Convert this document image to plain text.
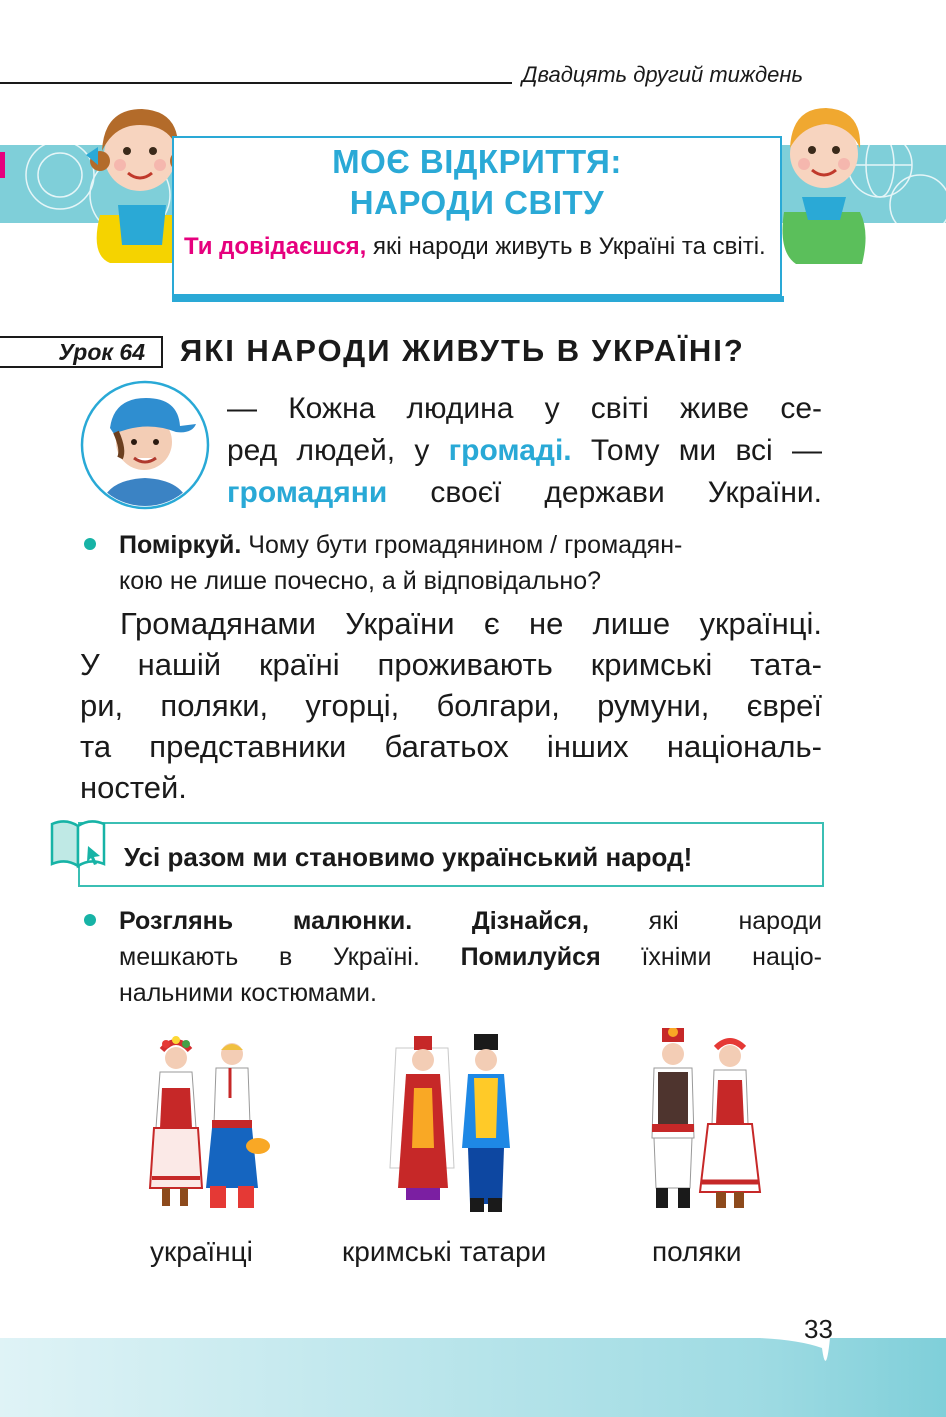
Двадцять другий тиждень
МОЄ ВІДКРИТТЯ:
НАРОДИ СВІТУ
Ти довідаєшся, які народи живуть в Україні та світі.
Урок 64	ЯКІ НАРОДИ ЖИВУТЬ В УКРАЇНІ?
— Кожна людина у світі живе се-
ред людей, у громаді. Тому ми всі —
громадяни своєї держави України.
Поміркуй. Чому бути громадянином / громадян-
кою не лише почесно, а й відповідально?
Громадянами України є не лише українці.
У нашій країні проживають кримські тата-
ри, поляки, угорці, болгари, румуни, євреї
та представники багатьох інших національ-
ностей.
Усі разом ми становимо український народ!
Розглянь малюнки. Дізнайся, які народи
мешкають в Україні. Помилуйся їхніми націо-
нальними костюмами.
українці	кримські татари	поляки
33
